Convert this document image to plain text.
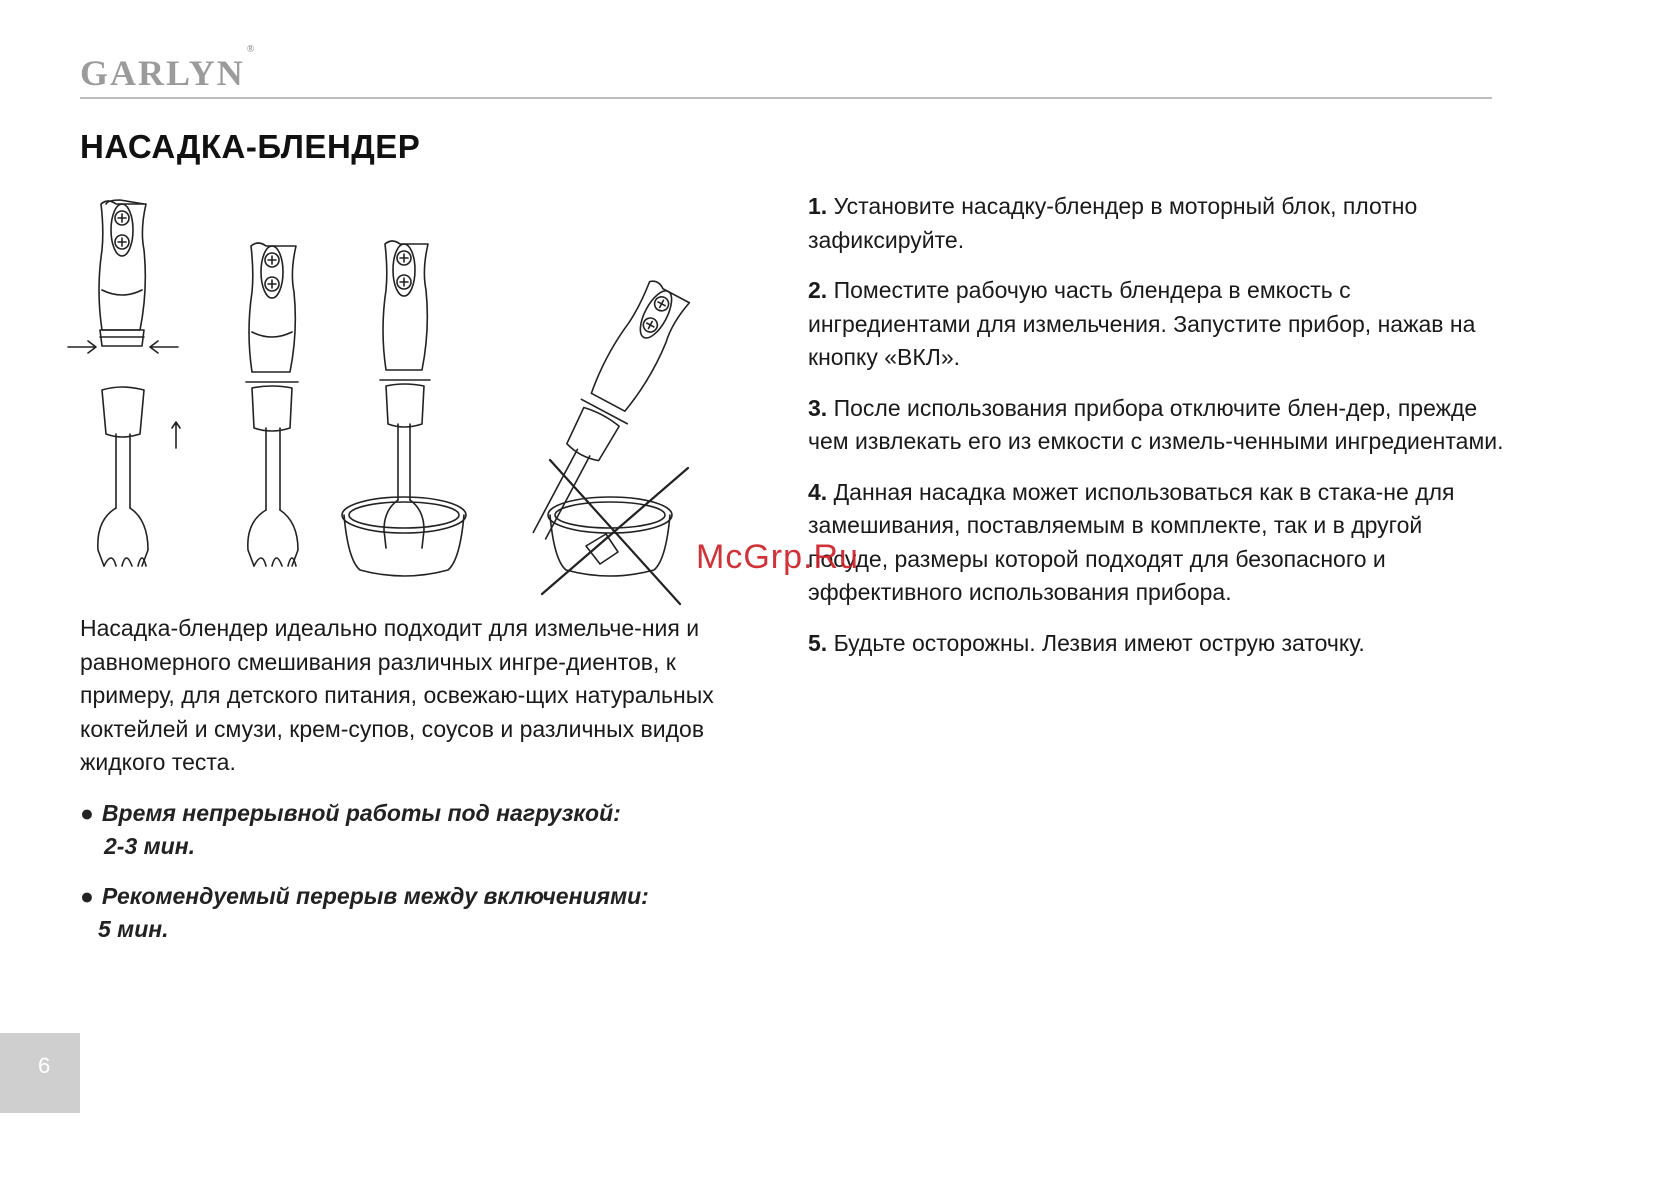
GARLYN®
НАСАДКА-БЛЕНДЕР

Насадка-блендер идеально подходит для измельче-ния и равномерного смешивания различных ингре-диентов, к примеру, для детского питания, освежаю-щих натуральных коктейлей и смузи, крем-супов, соусов и различных видов жидкого теста.

● Время непрерывной работы под нагрузкой:
2-3 мин.
● Рекомендуемый перерыв между включениями:
5 мин.

1. Установите насадку-блендер в моторный блок, плотно зафиксируйте.

2. Поместите рабочую часть блендера в емкость с ингредиентами для измельчения. Запустите прибор, нажав на кнопку «ВКЛ».

3. После использования прибора отключите блен-дер, прежде чем извлекать его из емкости с измель-ченными ингредиентами.

4. Данная насадка может использоваться как в стака-не для замешивания, поставляемым в комплекте, так и в другой посуде, размеры которой подходят для безопасного и эффективного использования прибора.

5. Будьте осторожны. Лезвия имеют острую заточку.

McGrp.Ru
6
